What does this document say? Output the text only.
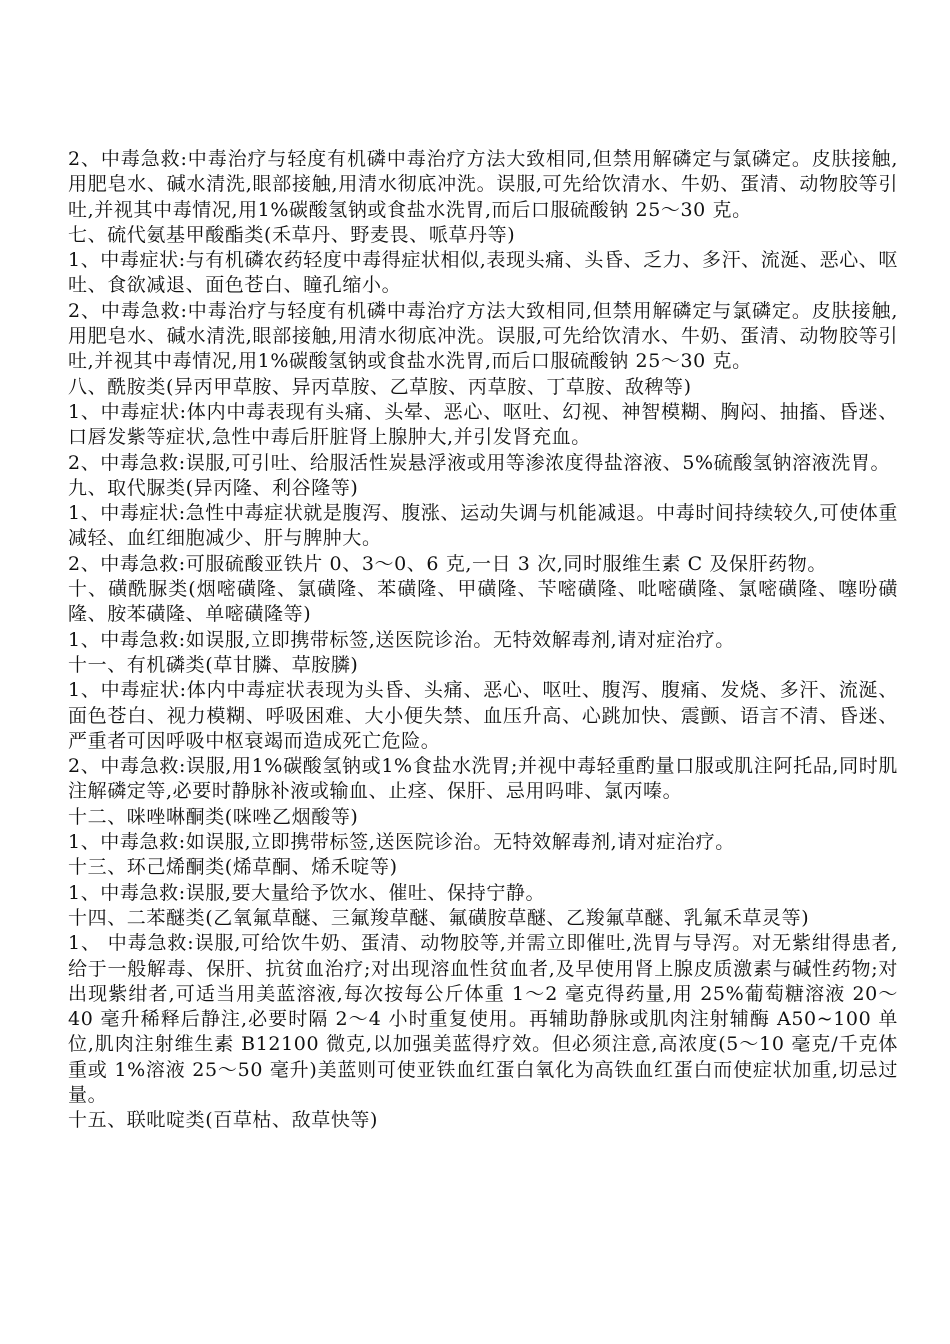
2、中毒急救:中毒治疗与轻度有机磷中毒治疗方法大致相同,但禁用解磷定与氯磷定。皮肤接触,用肥皂水、碱水清洗,眼部接触,用清水彻底冲洗。误服,可先给饮清水、牛奶、蛋清、动物胶等引吐,并视其中毒情况,用1%碳酸氢钠或食盐水洗胃,而后口服硫酸钠 25～30 克。

七、硫代氨基甲酸酯类(禾草丹、野麦畏、哌草丹等)

1、中毒症状:与有机磷农药轻度中毒得症状相似,表现头痛、头昏、乏力、多汗、流涎、恶心、呕吐、食欲减退、面色苍白、瞳孔缩小。

2、中毒急救:中毒治疗与轻度有机磷中毒治疗方法大致相同,但禁用解磷定与氯磷定。皮肤接触,用肥皂水、碱水清洗,眼部接触,用清水彻底冲洗。误服,可先给饮清水、牛奶、蛋清、动物胶等引吐,并视其中毒情况,用1%碳酸氢钠或食盐水洗胃,而后口服硫酸钠 25～30 克。

八、酰胺类(异丙甲草胺、异丙草胺、乙草胺、丙草胺、丁草胺、敌稗等)

1、中毒症状:体内中毒表现有头痛、头晕、恶心、呕吐、幻视、神智模糊、胸闷、抽搐、昏迷、口唇发紫等症状,急性中毒后肝脏肾上腺肿大,并引发肾充血。

2、中毒急救:误服,可引吐、给服活性炭悬浮液或用等渗浓度得盐溶液、5%硫酸氢钠溶液洗胃。

九、取代脲类(异丙隆、利谷隆等)

1、中毒症状:急性中毒症状就是腹泻、腹涨、运动失调与机能减退。中毒时间持续较久,可使体重减轻、血红细胞减少、肝与脾肿大。

2、中毒急救:可服硫酸亚铁片 0、3～0、6 克,一日 3 次,同时服维生素 C 及保肝药物。

十、磺酰脲类(烟嘧磺隆、氯磺隆、苯磺隆、甲磺隆、苄嘧磺隆、吡嘧磺隆、氯嘧磺隆、噻吩磺隆、胺苯磺隆、单嘧磺隆等)

1、中毒急救:如误服,立即携带标签,送医院诊治。无特效解毒剂,请对症治疗。

十一、有机磷类(草甘膦、草胺膦)

1、中毒症状:体内中毒症状表现为头昏、头痛、恶心、呕吐、腹泻、腹痛、发烧、多汗、流涎、面色苍白、视力模糊、呼吸困难、大小便失禁、血压升高、心跳加快、震颤、语言不清、昏迷、严重者可因呼吸中枢衰竭而造成死亡危险。

2、中毒急救:误服,用1%碳酸氢钠或1%食盐水洗胃;并视中毒轻重酌量口服或肌注阿托品,同时肌注解磷定等,必要时静脉补液或输血、止痉、保肝、忌用吗啡、氯丙嗪。

十二、咪唑啉酮类(咪唑乙烟酸等)

1、中毒急救:如误服,立即携带标签,送医院诊治。无特效解毒剂,请对症治疗。

十三、环己烯酮类(烯草酮、烯禾啶等)

1、中毒急救:误服,要大量给予饮水、催吐、保持宁静。

十四、二苯醚类(乙氧氟草醚、三氟羧草醚、氟磺胺草醚、乙羧氟草醚、乳氟禾草灵等)

1、 中毒急救:误服,可给饮牛奶、蛋清、动物胶等,并需立即催吐,洗胃与导泻。对无紫绀得患者,给于一般解毒、保肝、抗贫血治疗;对出现溶血性贫血者,及早使用肾上腺皮质激素与碱性药物;对出现紫绀者,可适当用美蓝溶液,每次按每公斤体重 1～2 毫克得药量,用 25%葡萄糖溶液 20～40 毫升稀释后静注,必要时隔 2～4 小时重复使用。再辅助静脉或肌肉注射辅酶 A50~100 单位,肌肉注射维生素 B12100 微克,以加强美蓝得疗效。但必须注意,高浓度(5～10 毫克/千克体重或 1%溶液 25～50 毫升)美蓝则可使亚铁血红蛋白氧化为高铁血红蛋白而使症状加重,切忌过量。

十五、联吡啶类(百草枯、敌草快等)
